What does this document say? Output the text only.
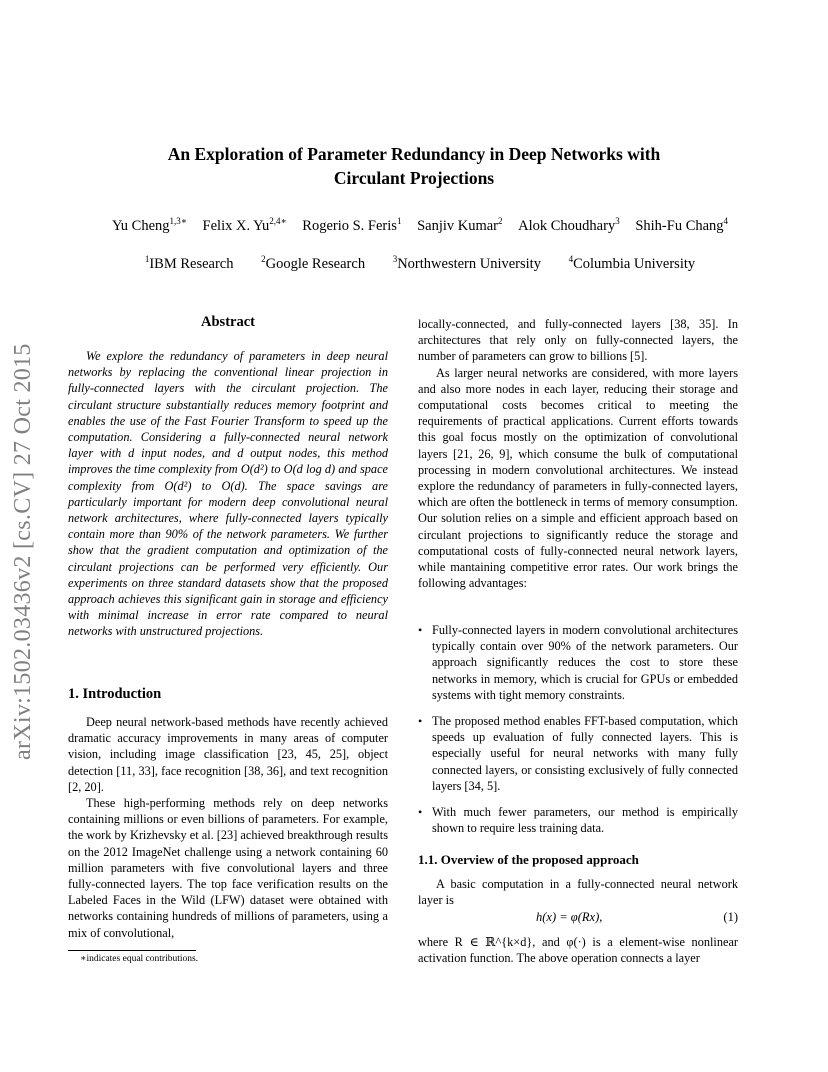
An Exploration of Parameter Redundancy in Deep Networks with
Circulant Projections
Yu Cheng$^{1,3∗}$ Felix X. $Yu^{2,4∗}$ Rogerio S. Feris$^1$ Sanjiv Kumar$^2$ Alok Choudhary$^3$ Shih-Fu Chang$^4$
$^1$IBM Research	$^2$Google Research	$^3$Northwestern University	$^4$Columbia University
arXiv:1502.03436v2 [cs.CV] 27 Oct 2015
Abstract

We explore the redundancy of parameters in deep neural networks by replacing the conventional linear projection in fully-connected layers with the circulant projection. The circulant structure substantially reduces memory footprint and enables the use of the Fast Fourier Transform to speed up the computation. Considering a fully-connected neural network layer with d input nodes, and d output nodes, this method improves the time complexity from O(d²) to O(d log d) and space complexity from O(d²) to O(d). The space savings are particularly important for modern deep convolutional neural network architectures, where fully-connected layers typically contain more than 90% of the network parameters. We further show that the gradient computation and optimization of the circulant projections can be performed very efficiently. Our experiments on three standard datasets show that the proposed approach achieves this significant gain in storage and efficiency with minimal increase in error rate compared to neural networks with unstructured projections.

1. Introduction

Deep neural network-based methods have recently achieved dramatic accuracy improvements in many areas of computer vision, including image classification [23, 45, 25], object detection [11, 33], face recognition [38, 36], and text recognition [2, 20].

These high-performing methods rely on deep networks containing millions or even billions of parameters. For example, the work by Krizhevsky et al. [23] achieved breakthrough results on the 2012 ImageNet challenge using a network containing 60 million parameters with five convolutional layers and three fully-connected layers. The top face verification results on the Labeled Faces in the Wild (LFW) dataset were obtained with networks containing hundreds of millions of parameters, using a mix of convolutional,

∗indicates equal contributions.

locally-connected, and fully-connected layers [38, 35]. In architectures that rely only on fully-connected layers, the number of parameters can grow to billions [5].

As larger neural networks are considered, with more layers and also more nodes in each layer, reducing their storage and computational costs becomes critical to meeting the requirements of practical applications. Current efforts towards this goal focus mostly on the optimization of convolutional layers [21, 26, 9], which consume the bulk of computational processing in modern convolutional architectures. We instead explore the redundancy of parameters in fully-connected layers, which are often the bottleneck in terms of memory consumption. Our solution relies on a simple and efficient approach based on circulant projections to significantly reduce the storage and computational costs of fully-connected neural network layers, while mantaining competitive error rates. Our work brings the following advantages:

• Fully-connected layers in modern convolutional architectures typically contain over 90% of the network parameters. Our approach significantly reduces the cost to store these networks in memory, which is crucial for GPUs or embedded systems with tight memory constraints.
• The proposed method enables FFT-based computation, which speeds up evaluation of fully connected layers. This is especially useful for neural networks with many fully connected layers, or consisting exclusively of fully connected layers [34, 5].
• With much fewer parameters, our method is empirically shown to require less training data.
1.1. Overview of the proposed approach

A basic computation in a fully-connected neural network layer is

h(x) = φ(Rx),	(1)

where R ∈ ℝ^{k×d}, and φ(·) is a element-wise nonlinear activation function. The above operation connects a layer
